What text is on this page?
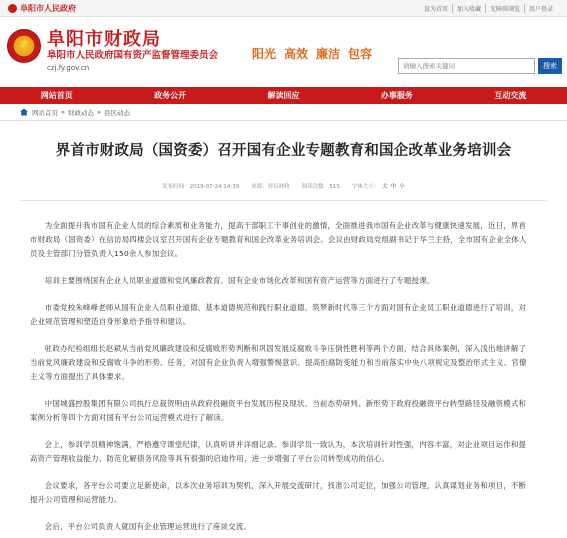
阜阳市人民政府	设为首页	加入收藏	无障碍浏览	用户登录
★ 阜阳市财政局
阜阳市人民政府国有资产监督管理委员会
czj.fy.gov.cn
阳光 高效 廉洁 包容
请输入搜索关键词
搜索
网站首页	政务公开	解读回应	办事服务	互动交流
网站首页 » 财政动态 » 县区动态
界首市财政局（国资委）召开国有企业专题教育和国企改革业务培训会
发布时间：2019-07-24 14:39 来源：界首财政 阅读次数：515 字体大小： 大 中 小

为全面提升我市国有企业人员的综合素质和业务能力，提高干部职工干事创业的激情，全面推进我市国有企业改革与健康快速发展，近日，界首市财政局（国资委）在信访局四楼会议室召开国有企业专题教育和国企改革业务培训会。会议由财政局党组副书记于华兰主持，全市国有企业全体人员及主管部门分管负责人150余人参加会议。

培训主要围绕国有企业人员职业道德和党风廉政教育、国有企业市场化改革和国有资产运营等方面进行了专题授课。

市委党校朱峰峰老师从国有企业人员职业道德、基本道德规范和践行职业道德、筑梦新时代等三个方面对国有企业员工职业道德进行了培训，对企业规范管理和塑造自身形象给予指导和建议。

驻政办纪检组组长赵斌从当前党风廉政建设和反腐败形势判断和巩固发展反腐败斗争压倒性胜利等两个方面，结合具体案例，深入浅出地讲解了当前党风廉政建设和反腐败斗争的形势、任务，对国有企业负责人增强警惕意识、提高拒腐防变能力和当前落实中央八项规定及整治形式主义、官僚主义等方面提出了具体要求。

中国城盛控股集团有限公司执行总裁贺明由从政府投融资平台发展历程及现状、当前态势研判、新形势下政府投融资平台转型路径及融资模式和案例分析等四个方面对国有平台公司运营模式进行了解读。

会上，参训学员精神饱满，严格遵守课堂纪律，认真听讲并详细记录。参训学员一致认为，本次培训针对性强，内容丰富，对企业项目运作和提高资产管理收益能力、防范化解债务风险等具有很强的启迪作用，进一步增强了平台公司转型成功的信心。

会议要求，各平台公司要立足新使命，以本次业务培训为契机，深入开展交流研讨，找准公司定位，加强公司管理，认真谋划业务和项目，不断提升公司管理和运营能力。

会后，平台公司负责人就国有企业管理运营进行了座谈交流。
